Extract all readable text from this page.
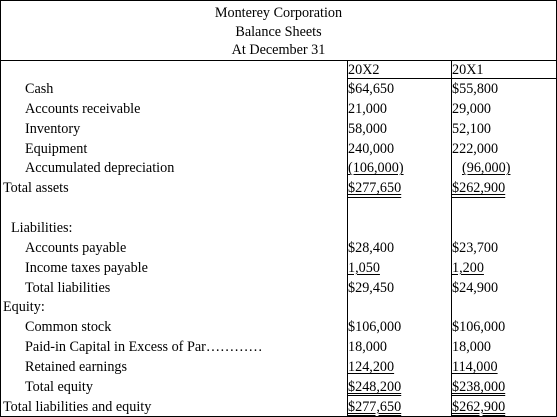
Monterey Corporation
Balance Sheets
At December 31
20X2	20X1
Cash	$64,650	$55,800
Accounts receivable	21,000	29,000
Inventory	58,000	52,100
Equipment	240,000	222,000
Accumulated depreciation	(106,000)	(96,000)
Total assets	$277,650	$262,900
Liabilities:
Accounts payable	$28,400	$23,700
Income taxes payable	1,050	1,200
Total liabilities	$29,450	$24,900
Equity:
Common stock	$106,000	$106,000
Paid-in Capital in Excess of Par…………	18,000	18,000
Retained earnings	124,200	114,000
Total equity	$248,200	$238,000
Total liabilities and equity	$277,650	$262,900
